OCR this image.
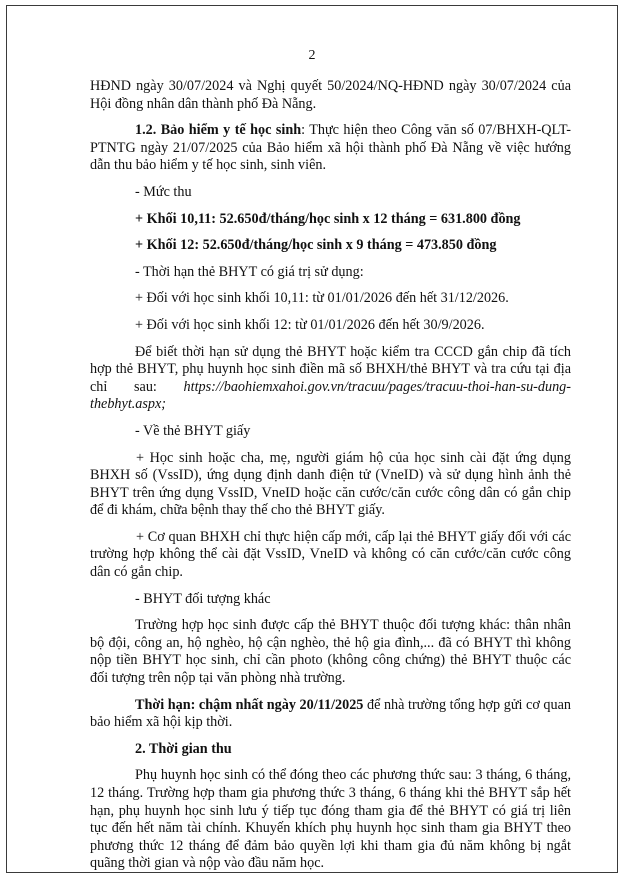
2

HĐND ngày 30/07/2024 và Nghị quyết 50/2024/NQ-HĐND ngày 30/07/2024 của Hội đồng nhân dân thành phố Đà Nẵng.

1.2. Bảo hiểm y tế học sinh: Thực hiện theo Công văn số 07/BHXH-QLT-PTNTG ngày 21/07/2025 của Bảo hiểm xã hội thành phố Đà Nẵng về việc hướng dẫn thu bảo hiểm y tế học sinh, sinh viên.

- Mức thu

+ Khối 10,11: 52.650đ/tháng/học sinh x 12 tháng = 631.800 đồng

+ Khối 12: 52.650đ/tháng/học sinh x 9 tháng = 473.850 đồng

- Thời hạn thẻ BHYT có giá trị sử dụng:

+ Đối với học sinh khối 10,11: từ 01/01/2026 đến hết 31/12/2026.

+ Đối với học sinh khối 12: từ 01/01/2026 đến hết 30/9/2026.

Để biết thời hạn sử dụng thẻ BHYT hoặc kiểm tra CCCD gắn chip đã tích hợp thẻ BHYT, phụ huynh học sinh điền mã số BHXH/thẻ BHYT và tra cứu tại địa chỉ sau: https://baohiemxahoi.gov.vn/tracuu/pages/tracuu-thoi-han-su-dung-thebhyt.aspx;

- Về thẻ BHYT giấy

+ Học sinh hoặc cha, mẹ, người giám hộ của học sinh cài đặt ứng dụng BHXH số (VssID), ứng dụng định danh điện tử (VneID) và sử dụng hình ảnh thẻ BHYT trên ứng dụng VssID, VneID hoặc căn cước/căn cước công dân có gắn chip để đi khám, chữa bệnh thay thế cho thẻ BHYT giấy.

+ Cơ quan BHXH chỉ thực hiện cấp mới, cấp lại thẻ BHYT giấy đối với các trường hợp không thể cài đặt VssID, VneID và không có căn cước/căn cước công dân có gắn chip.

- BHYT đối tượng khác

Trường hợp học sinh được cấp thẻ BHYT thuộc đối tượng khác: thân nhân bộ đội, công an, hộ nghèo, hộ cận nghèo, thẻ hộ gia đình,... đã có BHYT thì không nộp tiền BHYT học sinh, chỉ cần photo (không công chứng) thẻ BHYT thuộc các đối tượng trên nộp tại văn phòng nhà trường.

Thời hạn: chậm nhất ngày 20/11/2025 để nhà trường tổng hợp gửi cơ quan bảo hiểm xã hội kịp thời.

2. Thời gian thu

Phụ huynh học sinh có thể đóng theo các phương thức sau: 3 tháng, 6 tháng, 12 tháng. Trường hợp tham gia phương thức 3 tháng, 6 tháng khi thẻ BHYT sắp hết hạn, phụ huynh học sinh lưu ý tiếp tục đóng tham gia để thẻ BHYT có giá trị liên tục đến hết năm tài chính. Khuyến khích phụ huynh học sinh tham gia BHYT theo phương thức 12 tháng để đảm bảo quyền lợi khi tham gia đủ năm không bị ngắt quãng thời gian và nộp vào đầu năm học.
